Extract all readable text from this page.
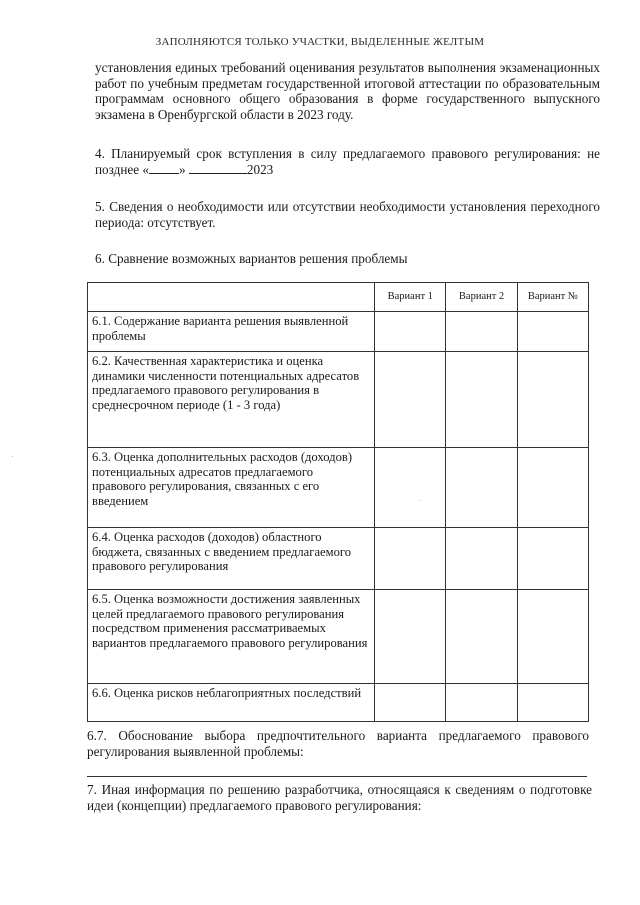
ЗАПОЛНЯЮТСЯ ТОЛЬКО УЧАСТКИ, ВЫДЕЛЕННЫЕ ЖЕЛТЫМ
установления единых требований оценивания результатов выполнения экзаменационных работ по учебным предметам государственной итоговой аттестации по образовательным программам основного общего образования в форме государственного выпускного экзамена в Оренбургской области в 2023 году.
4. Планируемый срок вступления в силу предлагаемого правового регулирования: не позднее « »	2023
5. Сведения о необходимости или отсутствии необходимости установления переходного периода: отсутствует.
6. Сравнение возможных вариантов решения проблемы
	Вариант 1	Вариант 2	Вариант №
6.1. Содержание варианта решения выявленной проблемы			
6.2. Качественная характеристика и оценка динамики численности потенциальных адресатов предлагаемого правового регулирования в среднесрочном периоде (1 - 3 года)			
6.3. Оценка дополнительных расходов (доходов) потенциальных адресатов предлагаемого правового регулирования, связанных с его введением			
6.4. Оценка расходов (доходов) областного бюджета, связанных с введением предлагаемого правового регулирования			
6.5. Оценка возможности достижения заявленных целей предлагаемого правового регулирования посредством применения рассматриваемых вариантов предлагаемого правового регулирования			
6.6. Оценка рисков неблагоприятных последствий			
6.7. Обоснование выбора предпочтительного варианта предлагаемого правового регулирования выявленной проблемы:
7. Иная информация по решению разработчика, относящаяся к сведениям о подготовке идеи (концепции) предлагаемого правового регулирования:
